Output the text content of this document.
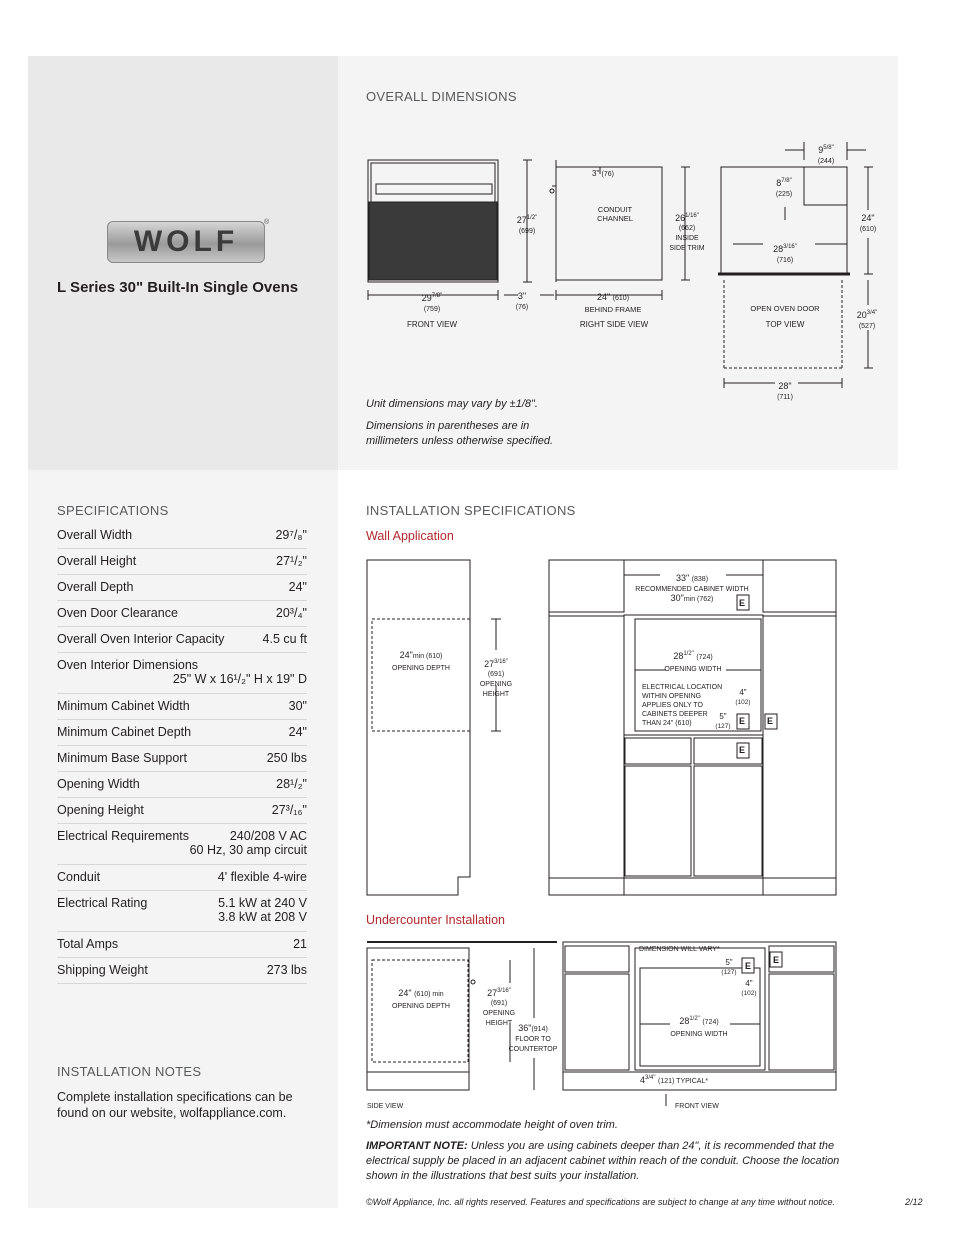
WOLF
®
L Series 30" Built-In Single Ovens
OVERALL DIMENSIONS
FRONT VIEW	RIGHT SIDE VIEW	TOP VIEW
$27^{1/2"}$
(699)
$29^{7/8"}$
(759)
3" (76)
CONDUIT
CHANNEL	$26^{1/16"}$
(662)
INSIDE
SIDE TRIM
3"
(76)
24" (610)
BEHIND FRAME
$9^{5/8"}$
(244)
$8^{7/8"}$
(225)
$28^{3/16"}$
(716)
24"
(610)
OPEN OVEN DOOR
$20^{3/4"}$
(527)
28"
(711)
Unit dimensions may vary by ±1/8".
Dimensions in parentheses are in millimeters unless otherwise specified.
SPECIFICATIONS
Overall Width	29⁷/₈"
Overall Height	27¹/₂"
Overall Depth	24"
Oven Door Clearance	20³/₄"
Overall Oven Interior Capacity	4.5 cu ft
Oven Interior Dimensions
25" W x 16¹/₂" H x 19" D
Minimum Cabinet Width	30"
Minimum Cabinet Depth	24"
Minimum Base Support	250 lbs
Opening Width	28¹/₂"
Opening Height	27³/₁₆"
Electrical Requirements	240/208 V AC
60 Hz, 30 amp circuit
Conduit	4' flexible 4-wire
Electrical Rating	5.1 kW at 240 V
3.8 kW at 208 V
Total Amps	21
Shipping Weight	273 lbs
INSTALLATION NOTES
Complete installation specifications can be found on our website, wolfappliance.com.
INSTALLATION SPECIFICATIONS
Wall Application
24"min (610)
OPENING DEPTH	$27^{3/16"}$
(691)
OPENING
HEIGHT
33" (838)
RECOMMENDED CABINET WIDTH
30"min (762)
$28^{1/2"}$ (724)
OPENING WIDTH
ELECTRICAL LOCATION
WITHIN OPENING
APPLIES ONLY TO
CABINETS DEEPER
THAN 24" (610)
4"
(102)
5"
(127)
E
E E
E
Undercounter Installation
SIDE VIEW	FRONT VIEW
24" (610) min
OPENING DEPTH
$27^{3/16"}$
(691)
OPENING
HEIGHT 36"(914)
FLOOR TO
COUNTERTOP
DIMENSION WILL VARY*
5"
(127)
4"
(102)
$28^{1/2"}$ (724)
OPENING WIDTH
$4^{3/4"}$ (121) TYPICAL*
E
E
*Dimension must accommodate height of oven trim.
IMPORTANT NOTE: Unless you are using cabinets deeper than 24", it is recommended that the electrical supply be placed in an adjacent cabinet within reach of the conduit. Choose the location shown in the illustrations that best suits your installation.
©Wolf Appliance, Inc. all rights reserved. Features and specifications are subject to change at any time without notice.	2/12
